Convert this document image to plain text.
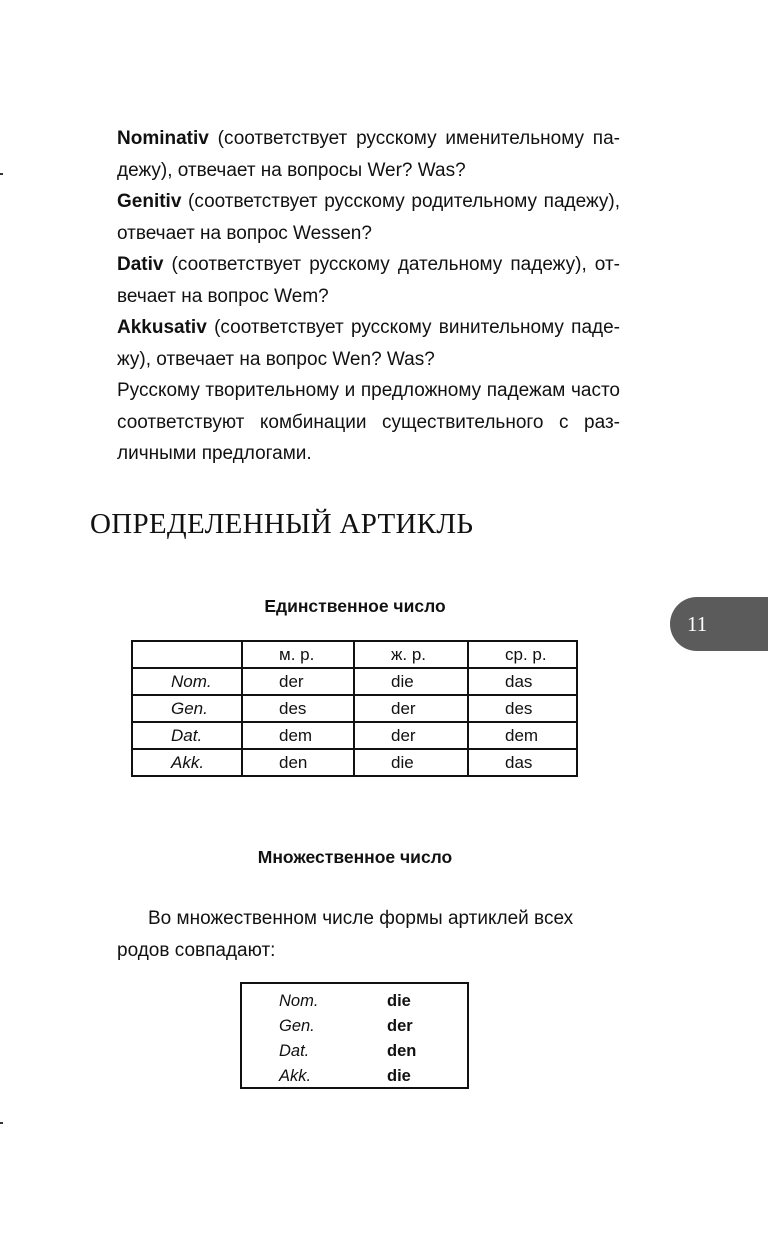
Nominativ (соответствует русскому именительному падежу), отвечает на вопросы Wer? Was?

Genitiv (соответствует русскому родительному падежу), отвечает на вопрос Wessen?

Dativ (соответствует русскому дательному падежу), отвечает на вопрос Wem?

Akkusativ (соответствует русскому винительному падежу), отвечает на вопрос Wen? Was?

Русскому творительному и предложному падежам часто соответствуют комбинации существительного с различными предлогами.

ОПРЕДЕЛЕННЫЙ АРТИКЛЬ
11
Единственное число
	м. р.	ж. р.	ср. р.
Nom.	der	die	das
Gen.	des	der	des
Dat.	dem	der	dem
Akk.	den	die	das
Множественное число
Во множественном числе формы артиклей всех
родов совпадают:
Nom.	die
Gen.	der
Dat.	den
Akk.	die
